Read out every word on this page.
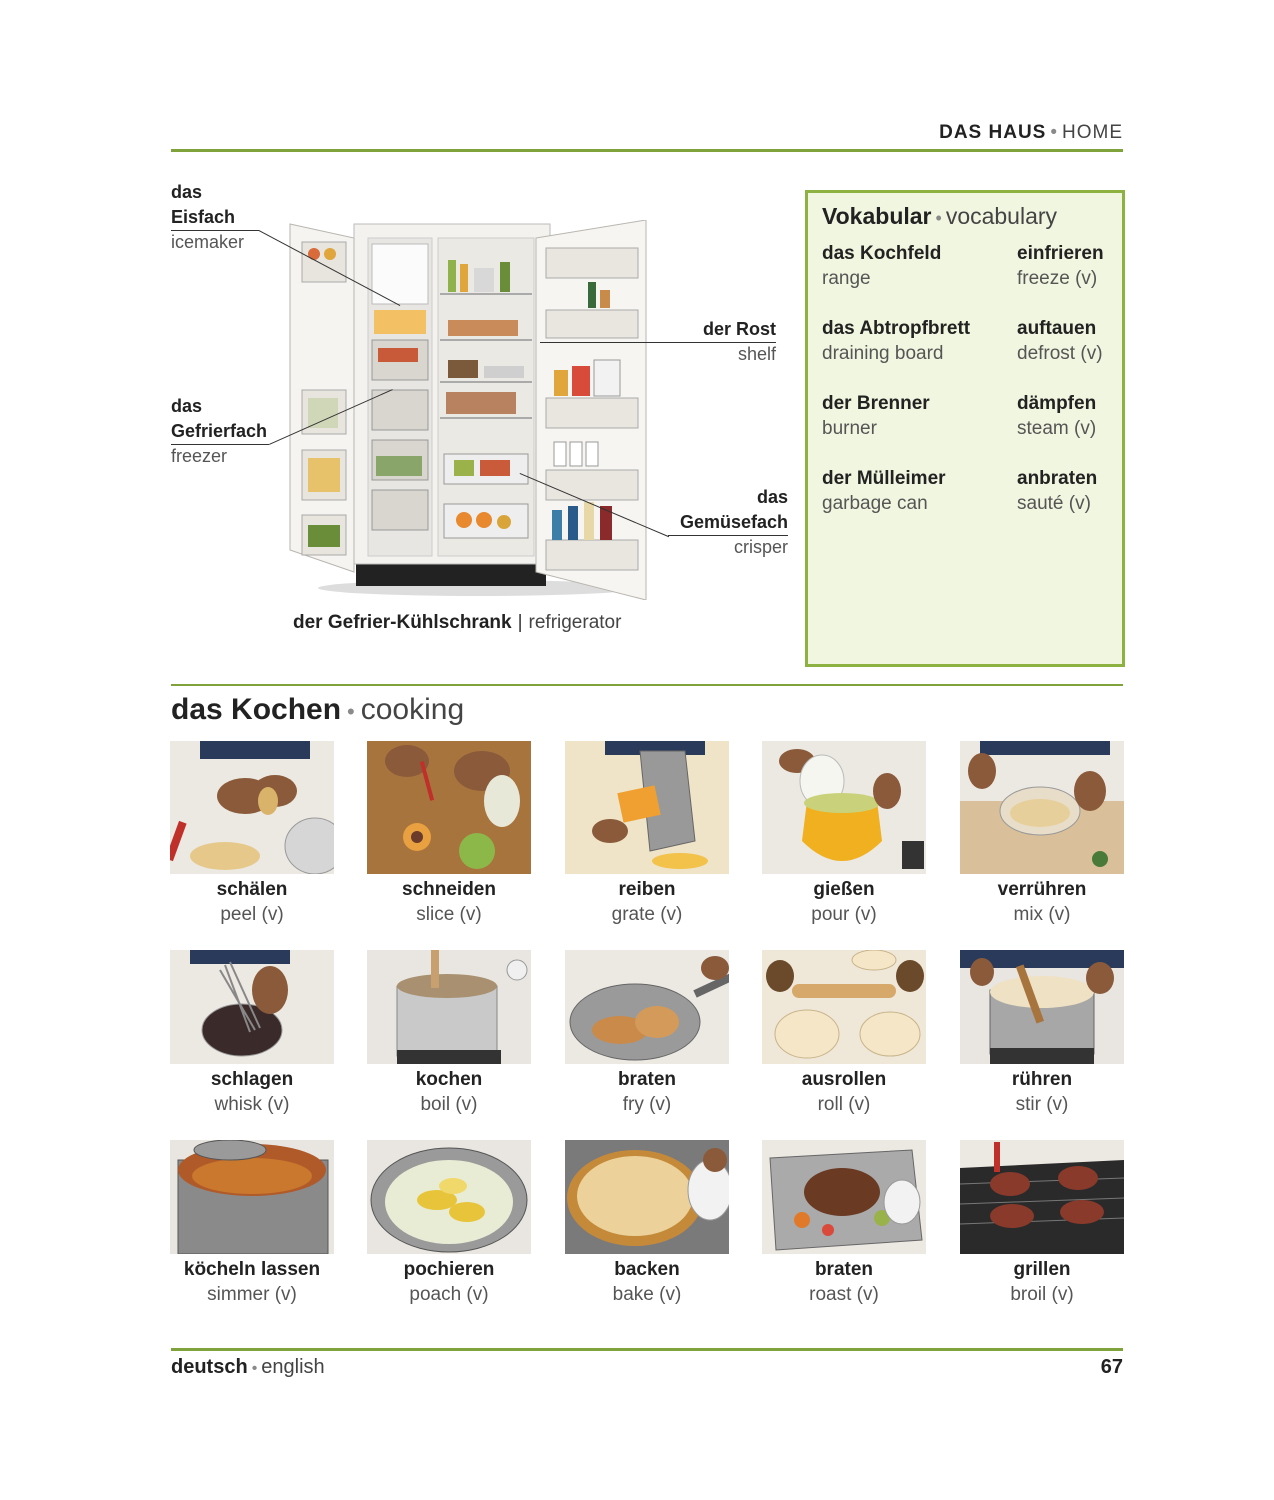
DAS HAUS • HOME
das
Eisfach
icemaker
das
Gefrierfach
freezer
der Rost
shelf
das
Gemüsefach
crisper
der Gefrier-Kühlschrank | refrigerator
Vokabular • vocabulary
das Kochfeld
range
einfrieren
freeze (v)
das Abtropfbrett
draining board
auftauen
defrost (v)
der Brenner
burner
dämpfen
steam (v)
der Mülleimer
garbage can
anbraten
sauté (v)
das Kochen • cooking
schälen
peel (v)
schneiden
slice (v)
reiben
grate (v)
gießen
pour (v)
verrühren
mix (v)
schlagen
whisk (v)
kochen
boil (v)
braten
fry (v)
ausrollen
roll (v)
rühren
stir (v)
köcheln lassen
simmer (v)
pochieren
poach (v)
backen
bake (v)
braten
roast (v)
grillen
broil (v)
deutsch • english	67
